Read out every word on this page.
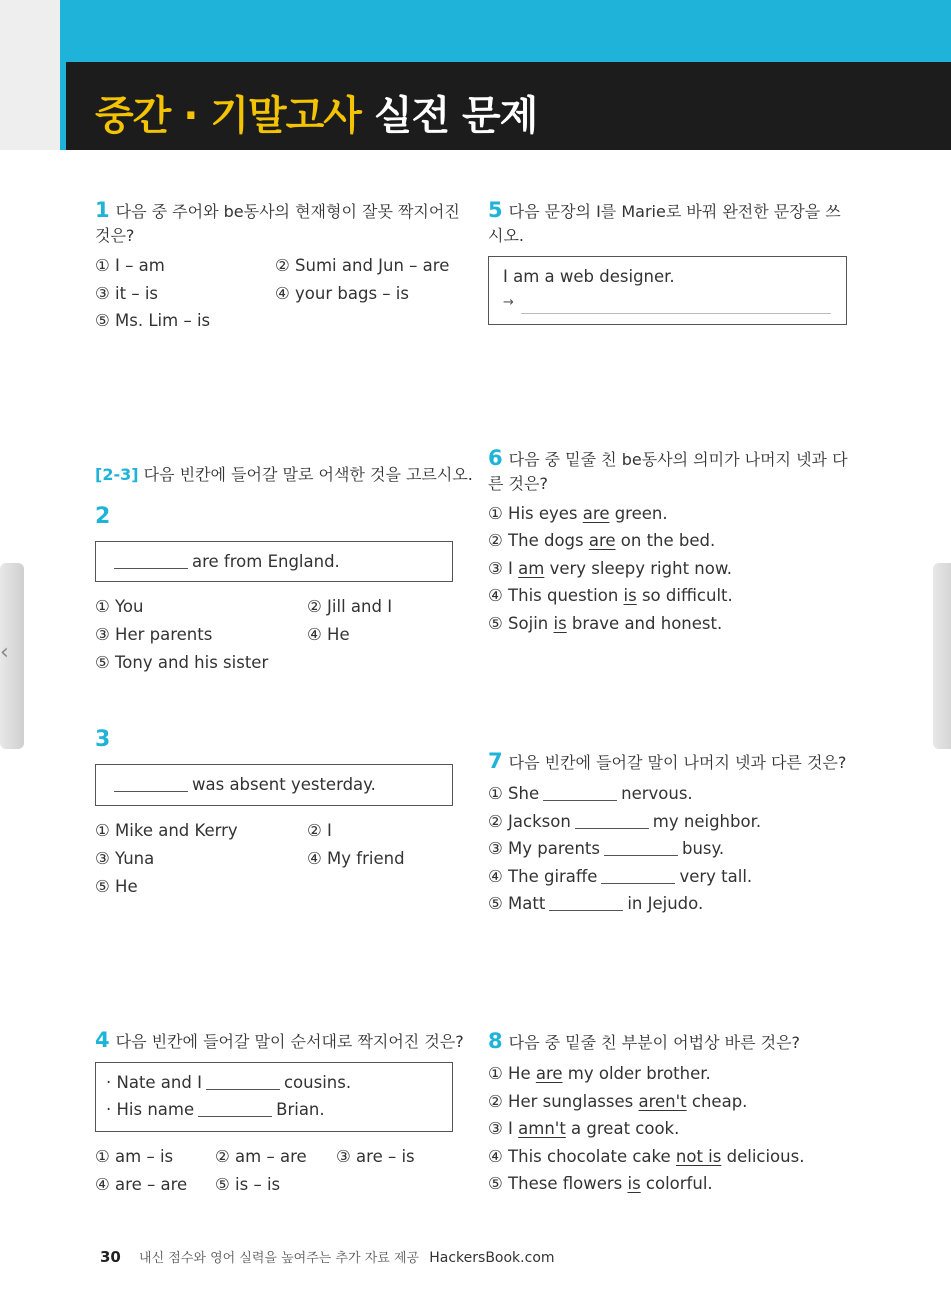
중간 · 기말고사 실전 문제
‹
1 다음 중 주어와 be동사의 현재형이 잘못 짝지어진 것은?
① I – am	② Sumi and Jun – are
③ it – is	④ your bags – is
⑤ Ms. Lim – is
[2-3] 다음 빈칸에 들어갈 말로 어색한 것을 고르시오.
2
are from England.
① You	② Jill and I
③ Her parents	④ He
⑤ Tony and his sister
3
was absent yesterday.
① Mike and Kerry	② I
③ Yuna	④ My friend
⑤ He
4 다음 빈칸에 들어갈 말이 순서대로 짝지어진 것은?
· Nate and I	cousins.
· His name	Brian.
① am – is	② am – are ③ are – is
④ are – are ⑤ is – is
5 다음 문장의 I를 Marie로 바꿔 완전한 문장을 쓰시오.
I am a web designer.
→
6 다음 중 밑줄 친 be동사의 의미가 나머지 넷과 다른 것은?
① His eyes are green.
② The dogs are on the bed.
③ I am very sleepy right now.
④ This question is so difficult.
⑤ Sojin is brave and honest.
7 다음 빈칸에 들어갈 말이 나머지 넷과 다른 것은?
① She	nervous.
② Jackson	my neighbor.
③ My parents	busy.
④ The giraffe	very tall.
⑤ Matt	in Jejudo.
8 다음 중 밑줄 친 부분이 어법상 바른 것은?
① He are my older brother.
② Her sunglasses aren't cheap.
③ I amn't a great cook.
④ This chocolate cake not is delicious.
⑤ These flowers is colorful.
30 내신 점수와 영어 실력을 높여주는 추가 자료 제공 HackersBook.com
